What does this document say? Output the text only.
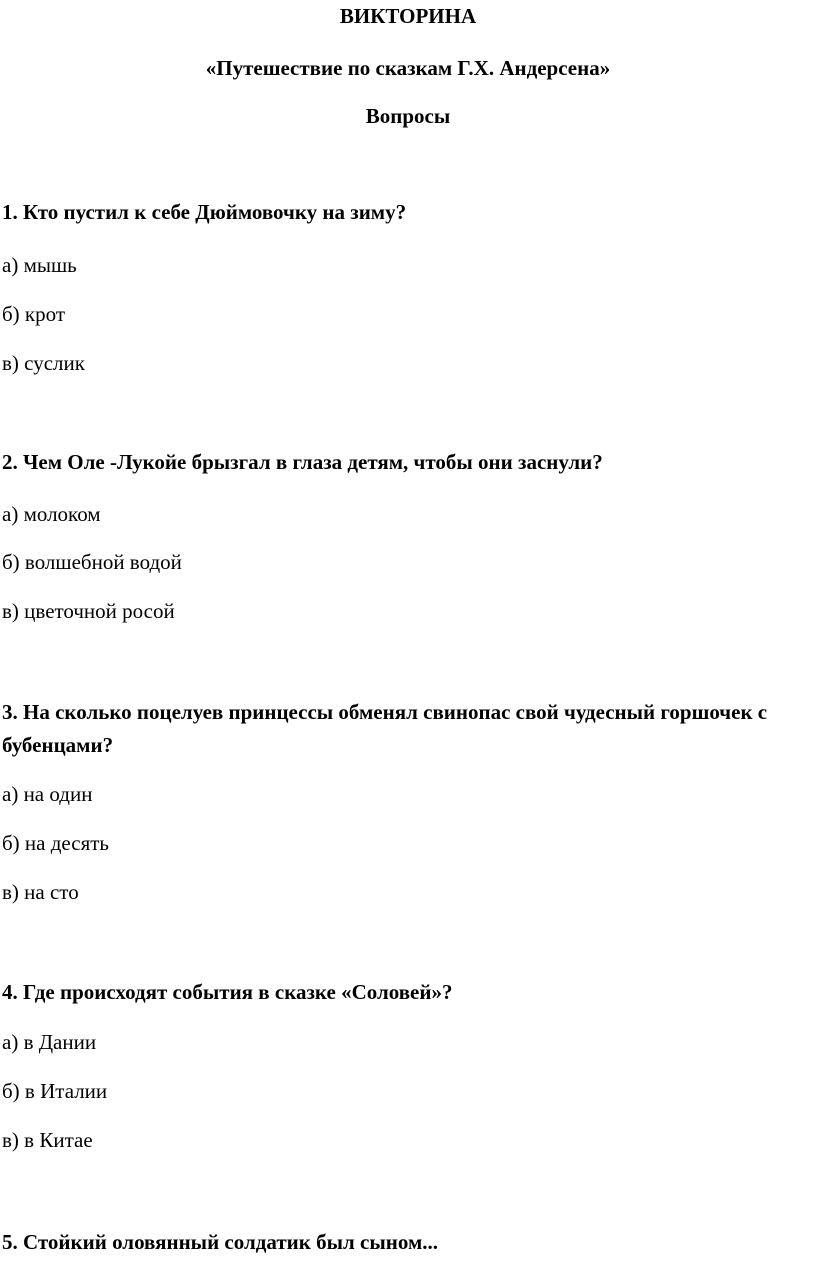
ВИКТОРИНА
«Путешествие по сказкам Г.Х. Андерсена»
Вопросы

1. Кто пустил к себе Дюймовочку на зиму?

а) мышь

б) крот

в) суслик

2. Чем Оле -Лукойе брызгал в глаза детям, чтобы они заснули?

а) молоком

б) волшебной водой

в) цветочной росой

3. На сколько поцелуев принцессы обменял свинопас свой чудесный горшочек с бубенцами?

а) на один

б) на десять

в) на сто

4. Где происходят события в сказке «Соловей»?

а) в Дании

б) в Италии

в) в Китае

5. Стойкий оловянный солдатик был сыном...
